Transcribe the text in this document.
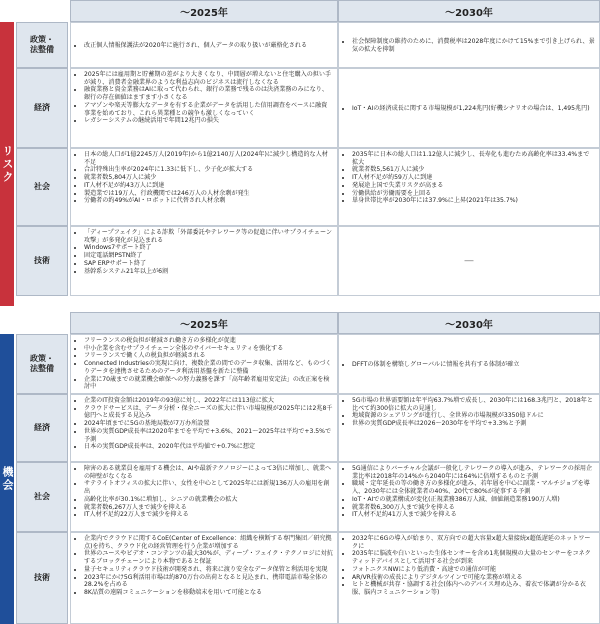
リスク
～2025年	～2030年
政策・
法整備
•	改正個人情報保護法が2020年に施行され、個人データの取り扱いが厳格化される
• 社会保障制度の維持のために、消費税率は2028年度にかけて15%まで引き上げられ、景気の拡大を抑制
経済
• 2025年には雇用期と貯蓄期の差がより大きくなり、中間層が増えないと住宅購入の担い手が減り、消費者金融業界のような利益志向のビジネスは流行しなくなる
• 融資業務と資金業務はAIに取って代わられ、銀行の業務で残るのは決済業務のみになり、銀行の存在価値はますます小さくなる
• アマゾンや楽天等膨大なデータを有する企業がデータを活用した信用調査をベースに融資事業を始めており、これら異業種との競争も激しくなっていく
• レガシーシステムの継続活用で年間12兆円の損失
• IoT・AIの経済成長に関する市場規模が1,224兆円(好機シナリオの場合は、1,495兆円)
社会
• 日本の総人口が1億2245万人(2019年)から1億2140万人(2024年)に減少し構造的な人材不足
• 合計特殊出生率が2024年に1.33に低下し、少子化が拡大する
• 就業者数5,804万人に減少
• IT人材不足が約43万人に到達
• 製造業では19万人、行政機関では246万人の人材余剰が発生
• 労働者の約49%がAI・ロボットに代替され人材余剰
• 2035年に日本の総人口は1.12億人に減少し、長寿化も進むため高齢化率は33.4%まで拡大
• 就業者数5,561万人に減少
• IT人材不足が約59万人に到達
• 発展途上国で失業リスクが高まる
• 労働供給が労働需要を上回る
• 単身世帯比率が2030年には37.9%に上昇(2021年は35.7%)
技術
• 「ディープフェイク」による詐欺「外部委託やテレワーク等の促進に伴いサプライチェーン攻撃」が多発化が見込まれる
• Windows7サポート終了
• 固定電話網PSTN終了
• SAP ERPサポート終了
• 基幹系システム21年以上が6割
―
機会
～2025年	～2030年
政策・
法整備
• フリーランスの税負担が軽減され働き方の多様化が促進
• 中小企業を含むサプライチェーン全体のサイバーセキュリティを強化する
• フリーランスで働く人の税負担が軽減される
• Connected Industriesの実現に向け、複数企業の間でのデータ収集、活用など、ものづくりデータを連携させるためのデータ利活用基盤を新たに整備
• 企業に70歳までの就業機会確保への努力義務を課す「高年齢者雇用安定法」の改正案を検討中
• DFFTの体制を構築しグローバルに情報を共有する体制が確立
経済
• 企業のIT投資金額は2019年の93億に対し、2022年には113億に拡大
• クラウドサービスは、データ分析・保全ニーズの拡大に伴い市場規模が2025年には2兆8千億円へと成長する見込み
• 2024年頃までに5Gの基地局数が7万办所設置
• 世界の実質GDP成長率は2020年までを平均で+3.6%、2021～2025年は平均で+3.5%で予測
• 日本の実質GDP成長率は、2020年代は平均値で+0.7%に想定
• 5G市場の世界需要額は年平均63.7%増で成長し、2030年には168.3兆円と、2018年と比べて約300倍に拡大の見通し
• 地域資源のシェアリングが進行し、全世界の市場規模が3350億ドルに
• 世界の実質GDP成長率は2026～2030年を平均で+3.3%と予測
社会
• 障害のある就業員を雇用する機会は、AIや最新テクノロジーによって3倍に増加し、就業への障壁がなくなる
• サテライトオフィスの拡大に伴い、女性を中心として2025年には新規136万人の雇用を創出
• 高齢化比率が30.1%に増加し、シニアの就業機会の拡大
• 就業者数6,267万人まで減少を抑える
• IT人材不足約22万人まで減少を抑える
• 5G通信によりバーチャル会議が一般化しテレワークの導入が進み、テレワークの採用企業比率は2018年の14%から2040年には64%に倍増するものと予測
• 職域・定年延長の等の働き方の多様化が進み、若年層を中心に副業・マルチジョブを導入、2030年には全体就業者の40%、20代で80%が従事する予測
• IoT・AIでの就業構成が変化(正規業務386万人減、価値創造業務190万人増)
• 就業者数6,300万人まで減少を抑える
• IT人材不足約41万人まで減少を抑える
技術
• 企業内でクラウドに関するCoE(Center of Excellence：組織を横断する専門集団／研究拠点)を持ち、クラウド化の経営管理を行う企業が増加する
• 世界のユースやビデオ・コンテンツの最大30%が、ディープ・フェイク・テクノロジに対抗するブロックチェーンにより本物であると保証
• 量子セキュリティクラウド技術が開発され、将来に渡り安全なデータ保管と利活用を実現
• 2023年にかけ5G利活用市場は約870万台の出荷となると見込まれ、携帯電話市場全体の28.2%を占める
• 8K品質の遠隔コミュニケーションを移動端末を用いて可能となる
• 2032年に6Gの導入が始まり、双方向での超大容量x超大量接続x超低遅延のネットワークに
• 2035年に脳波や白いといった生体センサーを含め1兆個規模の大量のセンサーをコネクティッドデバイスとして活用する社会が到来
• フォトニクスNWにより低消費・高速での通信が可能
• AR/VR技術の成長によりデジタルツインで可能な業務が増える
• ヒトと機械が共存・協調する社会(体内へのデバイス埋め込み、着衣で体調が分かる衣服、脳内コミュニケーション等)
